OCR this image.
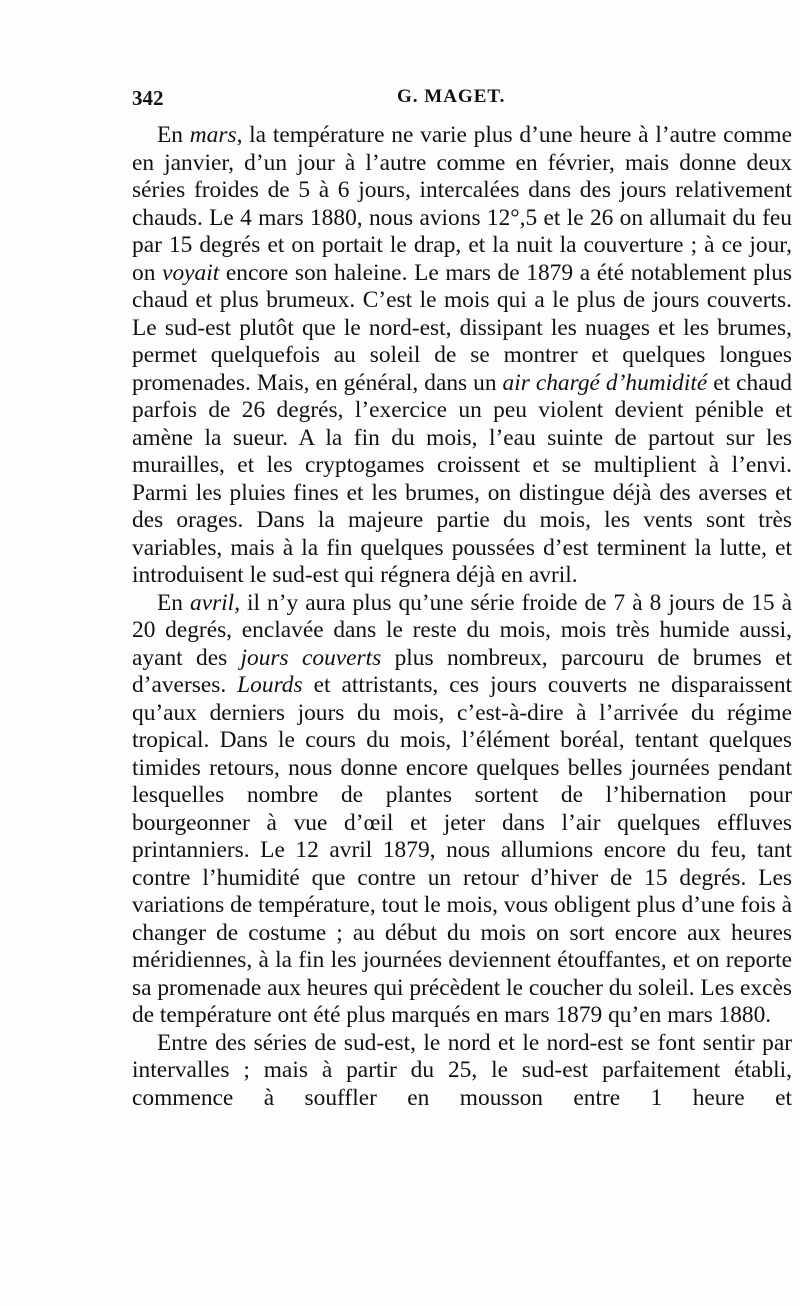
342	G. MAGET.

En mars, la température ne varie plus d’une heure à l’autre comme en janvier, d’un jour à l’autre comme en février, mais donne deux séries froides de 5 à 6 jours, intercalées dans des jours relativement chauds. Le 4 mars 1880, nous avions 12°,5 et le 26 on allumait du feu par 15 degrés et on portait le drap, et la nuit la couverture ; à ce jour, on voyait encore son haleine. Le mars de 1879 a été notablement plus chaud et plus brumeux. C’est le mois qui a le plus de jours couverts. Le sud-est plutôt que le nord-est, dissipant les nuages et les brumes, permet quelquefois au soleil de se montrer et quelques longues promenades. Mais, en général, dans un air chargé d’humidité et chaud parfois de 26 degrés, l’exercice un peu violent devient pénible et amène la sueur. A la fin du mois, l’eau suinte de partout sur les murailles, et les cryptogames croissent et se multiplient à l’envi. Parmi les pluies fines et les brumes, on distingue déjà des averses et des orages. Dans la majeure partie du mois, les vents sont très variables, mais à la fin quelques poussées d’est terminent la lutte, et introduisent le sud-est qui régnera déjà en avril.

En avril, il n’y aura plus qu’une série froide de 7 à 8 jours de 15 à 20 degrés, enclavée dans le reste du mois, mois très humide aussi, ayant des jours couverts plus nombreux, parcouru de brumes et d’averses. Lourds et attristants, ces jours couverts ne disparaissent qu’aux derniers jours du mois, c’est-à-dire à l’arrivée du régime tropical. Dans le cours du mois, l’élément boréal, tentant quelques timides retours, nous donne encore quelques belles journées pendant lesquelles nombre de plantes sortent de l’hibernation pour bourgeonner à vue d’œil et jeter dans l’air quelques effluves printanniers. Le 12 avril 1879, nous allumions encore du feu, tant contre l’humidité que contre un retour d’hiver de 15 degrés. Les variations de température, tout le mois, vous obligent plus d’une fois à changer de costume ; au début du mois on sort encore aux heures méridiennes, à la fin les journées deviennent étouffantes, et on reporte sa promenade aux heures qui précèdent le coucher du soleil. Les excès de température ont été plus marqués en mars 1879 qu’en mars 1880.

Entre des séries de sud-est, le nord et le nord-est se font sentir par intervalles ; mais à partir du 25, le sud-est parfaitement établi, commence à souffler en mousson entre 1 heure et
